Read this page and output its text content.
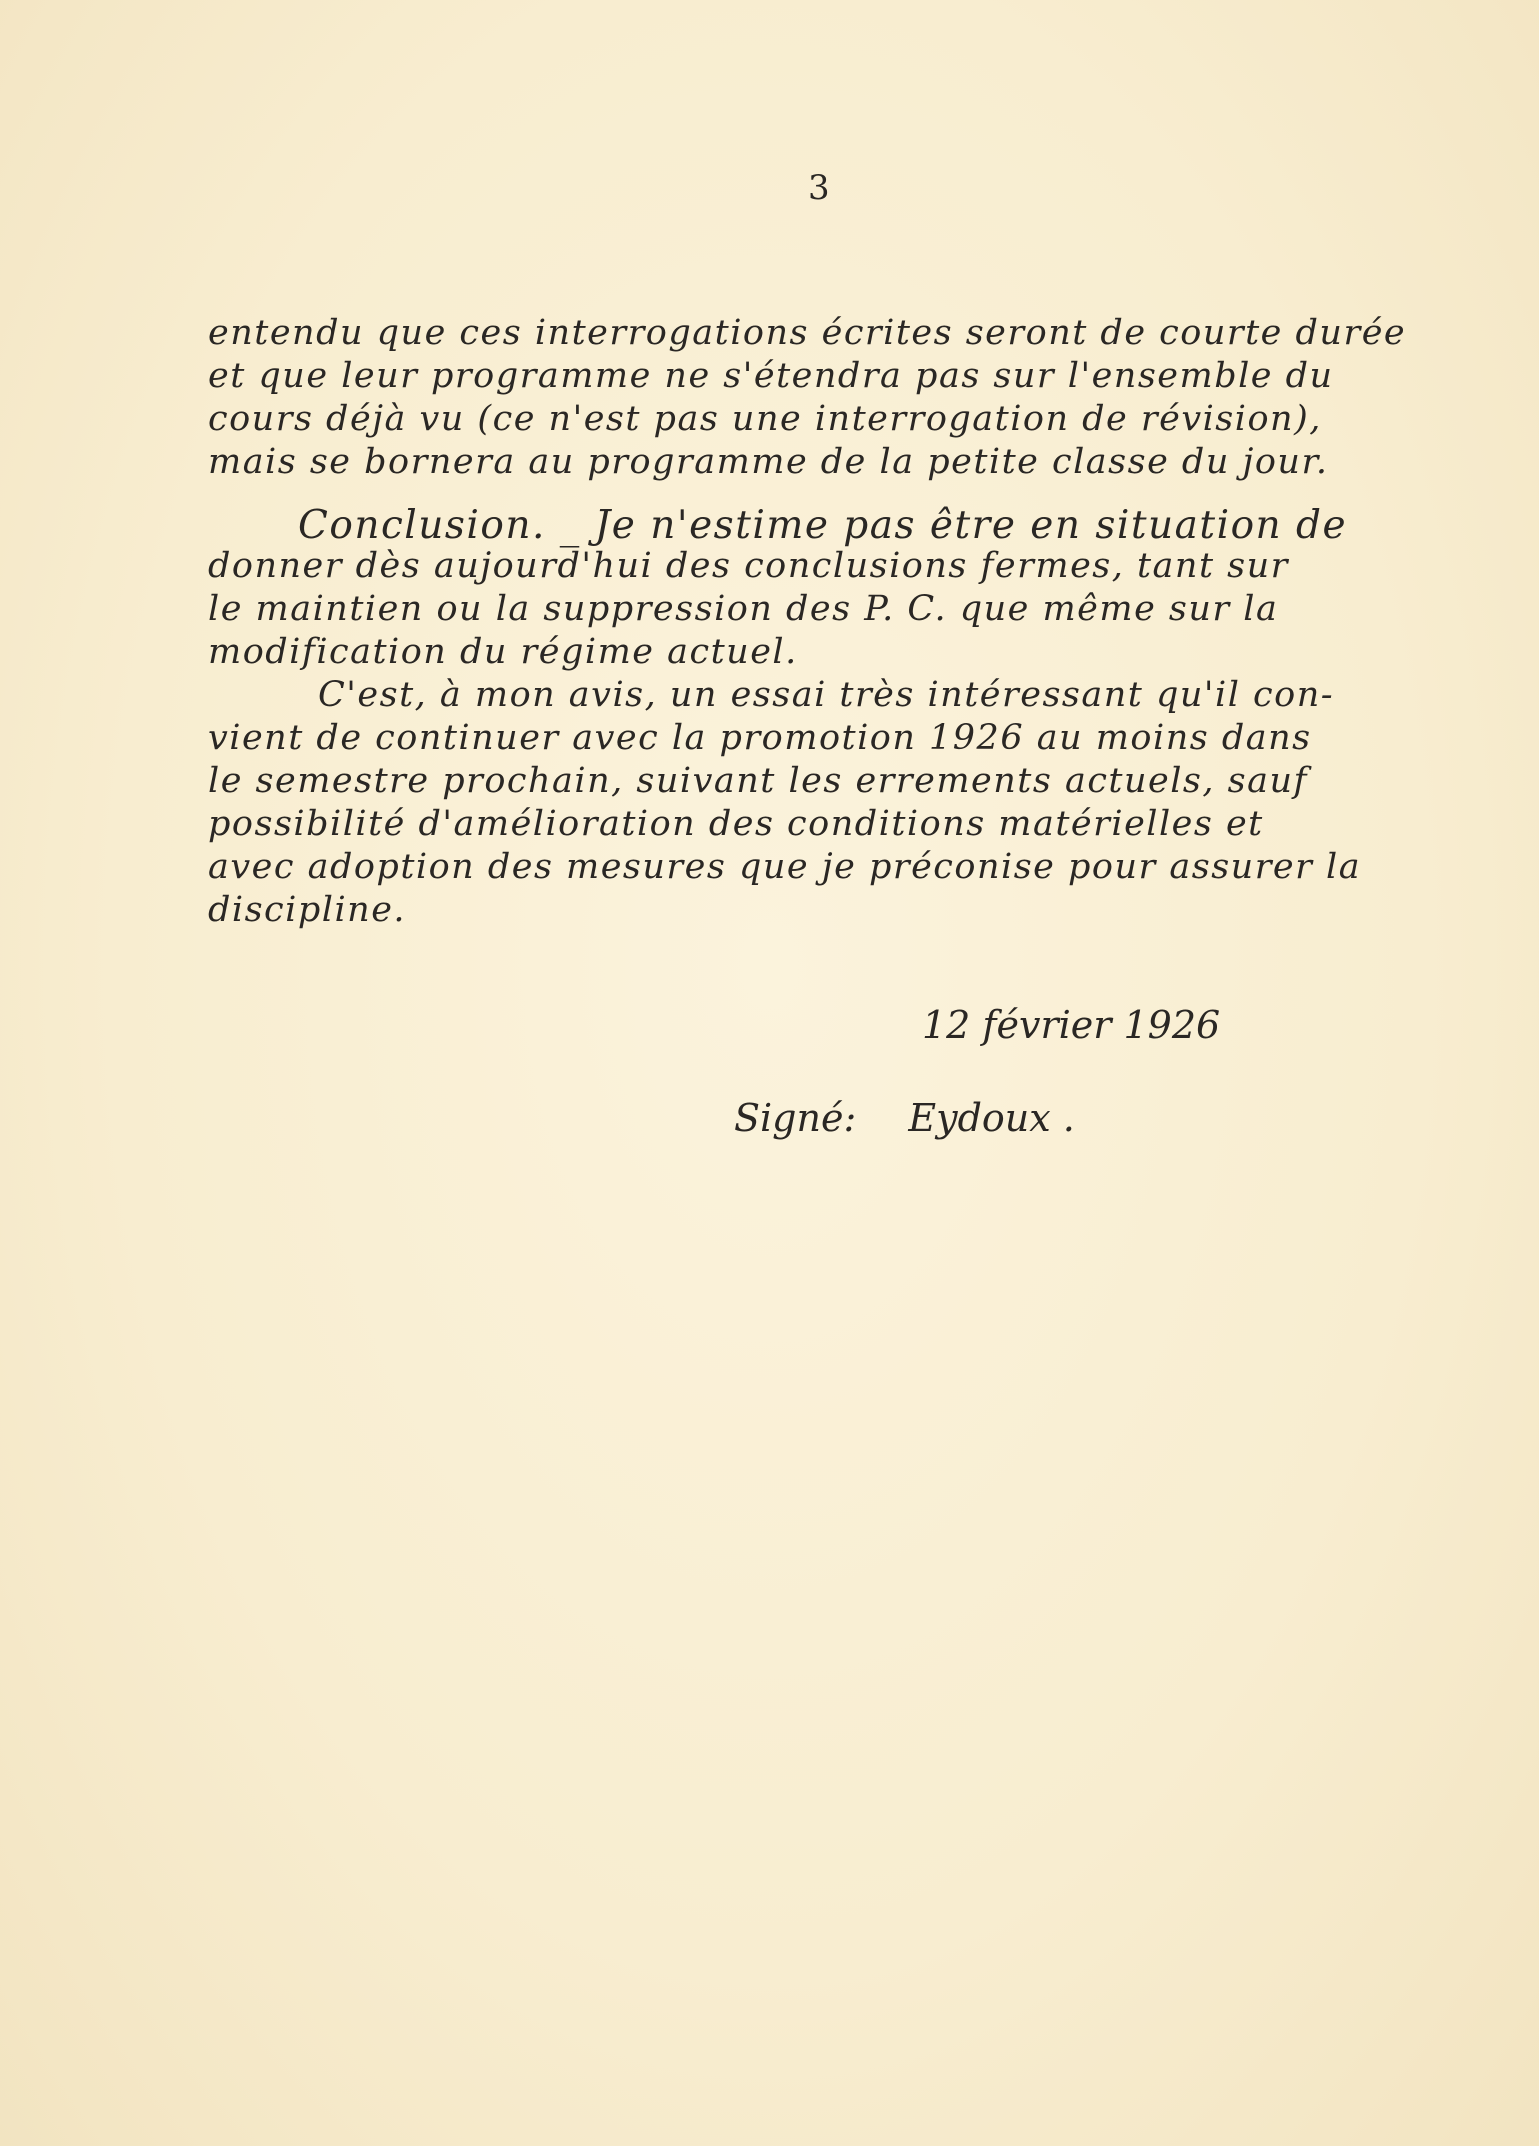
3
entendu que ces interrogations écrites seront de courte durée
et que leur programme ne s'étendra pas sur l'ensemble du
cours déjà vu (ce n'est pas une interrogation de révision),
mais se bornera au programme de la petite classe du jour.
Conclusion. _ Je n'estime pas être en situation de
donner dès aujourd'hui des conclusions fermes, tant sur
le maintien ou la suppression des P. C. que même sur la
modification du régime actuel.
C'est, à mon avis, un essai très intéressant qu'il con-
vient de continuer avec la promotion 1926 au moins dans
le semestre prochain, suivant les errements actuels, sauf
possibilité d'amélioration des conditions matérielles et
avec adoption des mesures que je préconise pour assurer la
discipline.
12 février 1926
Signé: Eydoux .
